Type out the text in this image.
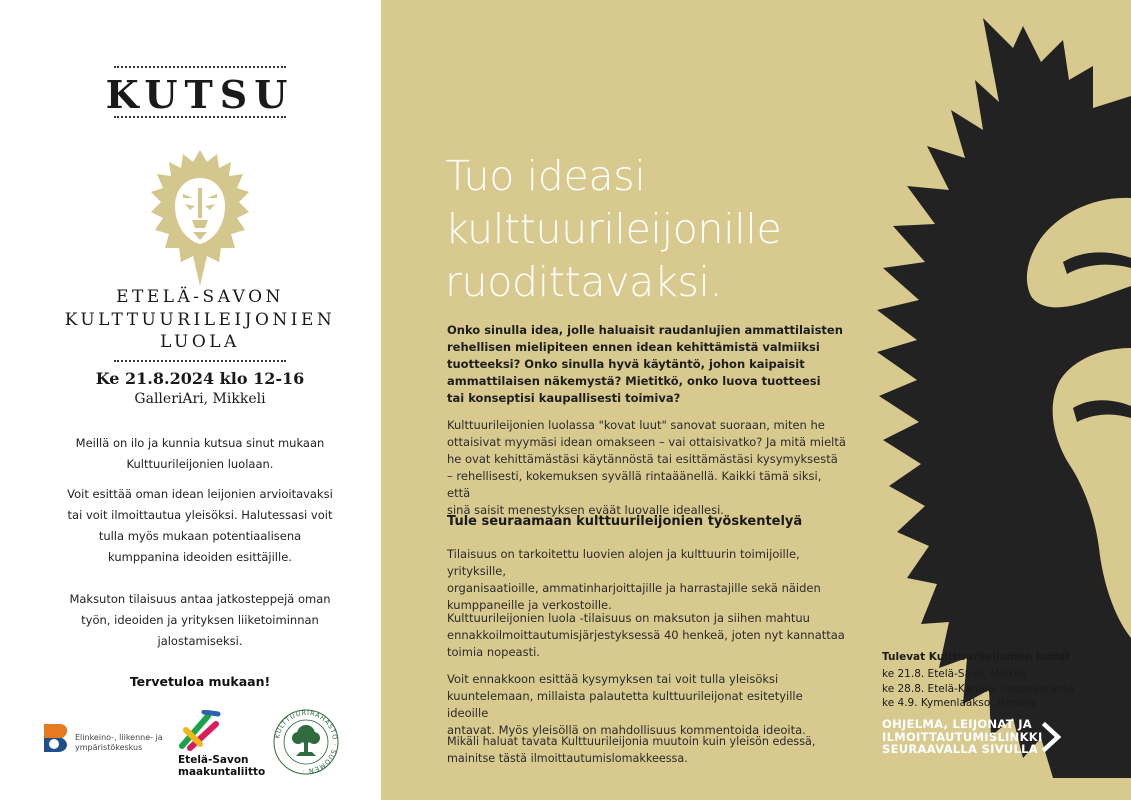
KUTSU
ETELÄ-SAVON
KULTTUURILEIJONIEN
LUOLA
Ke 21.8.2024 klo 12-16
GalleriAri, Mikkeli
Meillä on ilo ja kunnia kutsua sinut mukaan
Kulttuurileijonien luolaan.
Voit esittää oman idean leijonien arvioitavaksi
tai voit ilmoittautua yleisöksi. Halutessasi voit
tulla myös mukaan potentiaalisena
kumppanina ideoiden esittäjille.
Maksuton tilaisuus antaa jatkosteppejä oman
työn, ideoiden ja yrityksen liiketoiminnan
jalostamiseksi.
Tervetuloa mukaan!
Elinkeino-, liikenne- ja
ympäristökeskus
Etelä-Savon
maakuntaliitto
KULTTUURIRAHASTO · SUOMEN ·
Tuo ideasi
kulttuurileijonille
ruodittavaksi.
Onko sinulla idea, jolle haluaisit raudanlujien ammattilaisten
rehellisen mielipiteen ennen idean kehittämistä valmiiksi
tuotteeksi? Onko sinulla hyvä käytäntö, johon kaipaisit
ammattilaisen näkemystä? Mietitkö, onko luova tuotteesi
tai konseptisi kaupallisesti toimiva?
Kulttuurileijonien luolassa "kovat luut" sanovat suoraan, miten he
ottaisivat myymäsi idean omakseen – vai ottaisivatko? Ja mitä mieltä
he ovat kehittämästäsi käytännöstä tai esittämästäsi kysymyksestä
– rehellisesti, kokemuksen syvällä rintaäänellä. Kaikki tämä siksi, että
sinä saisit menestyksen eväät luovalle ideallesi.
Tule seuraamaan kulttuurileijonien työskentelyä
Tilaisuus on tarkoitettu luovien alojen ja kulttuurin toimijoille, yrityksille,
organisaatioille, ammatinharjoittajille ja harrastajille sekä näiden
kumppaneille ja verkostoille.
Kulttuurileijonien luola -tilaisuus on maksuton ja siihen mahtuu
ennakkoilmoittautumisjärjestyksessä 40 henkeä, joten nyt kannattaa
toimia nopeasti.
Voit ennakkoon esittää kysymyksen tai voit tulla yleisöksi
kuuntelemaan, millaista palautetta kulttuurileijonat esitetyille ideoille
antavat. Myös yleisöllä on mahdollisuus kommentoida ideoita.
Mikäli haluat tavata Kulttuurileijonia muutoin kuin yleisön edessä,
mainitse tästä ilmoittautumislomakkeessa.
Tulevat Kulttuurileijonien luolat
ke 21.8. Etelä-Savo, Mikkeli
ke 28.8. Etelä-Karjala, Lappeenranta
ke 4.9. Kymenlaakso, Hamina
OHJELMA, LEIJONAT JA
ILMOITTAUTUMISLINKKI
SEURAAVALLA SIVULLA
